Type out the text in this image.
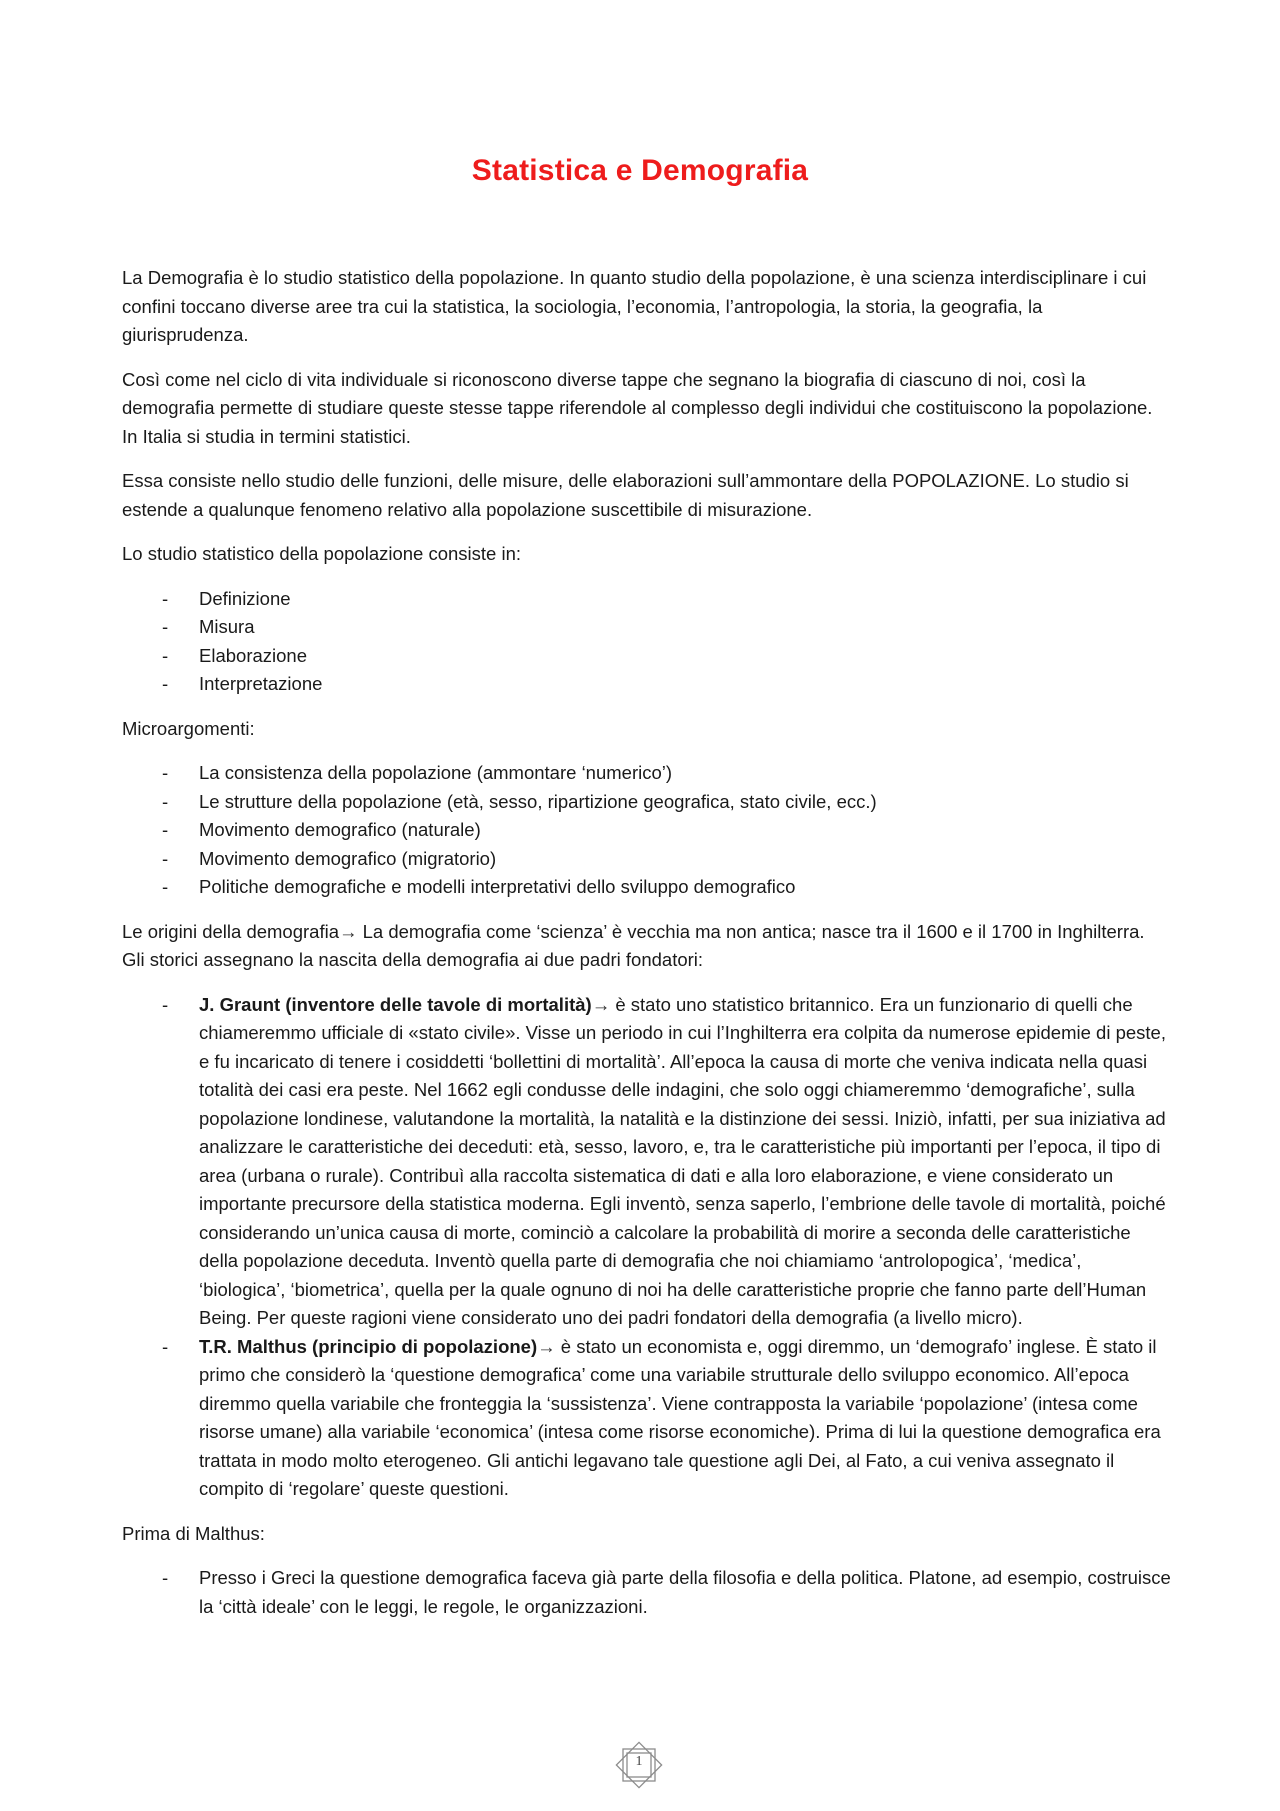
Statistica e Demografia

La Demografia è lo studio statistico della popolazione. In quanto studio della popolazione, è una scienza interdisciplinare i cui confini toccano diverse aree tra cui la statistica, la sociologia, l’economia, l’antropologia, la storia, la geografia, la giurisprudenza.

Così come nel ciclo di vita individuale si riconoscono diverse tappe che segnano la biografia di ciascuno di noi, così la demografia permette di studiare queste stesse tappe riferendole al complesso degli individui che costituiscono la popolazione. In Italia si studia in termini statistici.

Essa consiste nello studio delle funzioni, delle misure, delle elaborazioni sull’ammontare della POPOLAZIONE. Lo studio si estende a qualunque fenomeno relativo alla popolazione suscettibile di misurazione.

Lo studio statistico della popolazione consiste in:

- Definizione
- Misura
- Elaborazione
- Interpretazione

Microargomenti:

- La consistenza della popolazione (ammontare ‘numerico’)
- Le strutture della popolazione (età, sesso, ripartizione geografica, stato civile, ecc.)
- Movimento demografico (naturale)
- Movimento demografico (migratorio)
- Politiche demografiche e modelli interpretativi dello sviluppo demografico

Le origini della demografia→ La demografia come ‘scienza’ è vecchia ma non antica; nasce tra il 1600 e il 1700 in Inghilterra. Gli storici assegnano la nascita della demografia ai due padri fondatori:

- J. Graunt (inventore delle tavole di mortalità)→ è stato uno statistico britannico. Era un funzionario di quelli che chiameremmo ufficiale di «stato civile». Visse un periodo in cui l’Inghilterra era colpita da numerose epidemie di peste, e fu incaricato di tenere i cosiddetti ‘bollettini di mortalità’. All’epoca la causa di morte che veniva indicata nella quasi totalità dei casi era peste. Nel 1662 egli condusse delle indagini, che solo oggi chiameremmo ‘demografiche’, sulla popolazione londinese, valutandone la mortalità, la natalità e la distinzione dei sessi. Iniziò, infatti, per sua iniziativa ad analizzare le caratteristiche dei deceduti: età, sesso, lavoro, e, tra le caratteristiche più importanti per l’epoca, il tipo di area (urbana o rurale). Contribuì alla raccolta sistematica di dati e alla loro elaborazione, e viene considerato un importante precursore della statistica moderna. Egli inventò, senza saperlo, l’embrione delle tavole di mortalità, poiché considerando un’unica causa di morte, cominciò a calcolare la probabilità di morire a seconda delle caratteristiche della popolazione deceduta. Inventò quella parte di demografia che noi chiamiamo ‘antrolopogica’, ‘medica’, ‘biologica’, ‘biometrica’, quella per la quale ognuno di noi ha delle caratteristiche proprie che fanno parte dell’Human Being. Per queste ragioni viene considerato uno dei padri fondatori della demografia (a livello micro).
- T.R. Malthus (principio di popolazione)→ è stato un economista e, oggi diremmo, un ‘demografo’ inglese. È stato il primo che considerò la ‘questione demografica’ come una variabile strutturale dello sviluppo economico. All’epoca diremmo quella variabile che fronteggia la ‘sussistenza’. Viene contrapposta la variabile ‘popolazione’ (intesa come risorse umane) alla variabile ‘economica’ (intesa come risorse economiche). Prima di lui la questione demografica era trattata in modo molto eterogeneo. Gli antichi legavano tale questione agli Dei, al Fato, a cui veniva assegnato il compito di ‘regolare’ queste questioni.

Prima di Malthus:

- Presso i Greci la questione demografica faceva già parte della filosofia e della politica. Platone, ad esempio, costruisce la ‘città ideale’ con le leggi, le regole, le organizzazioni.
1
